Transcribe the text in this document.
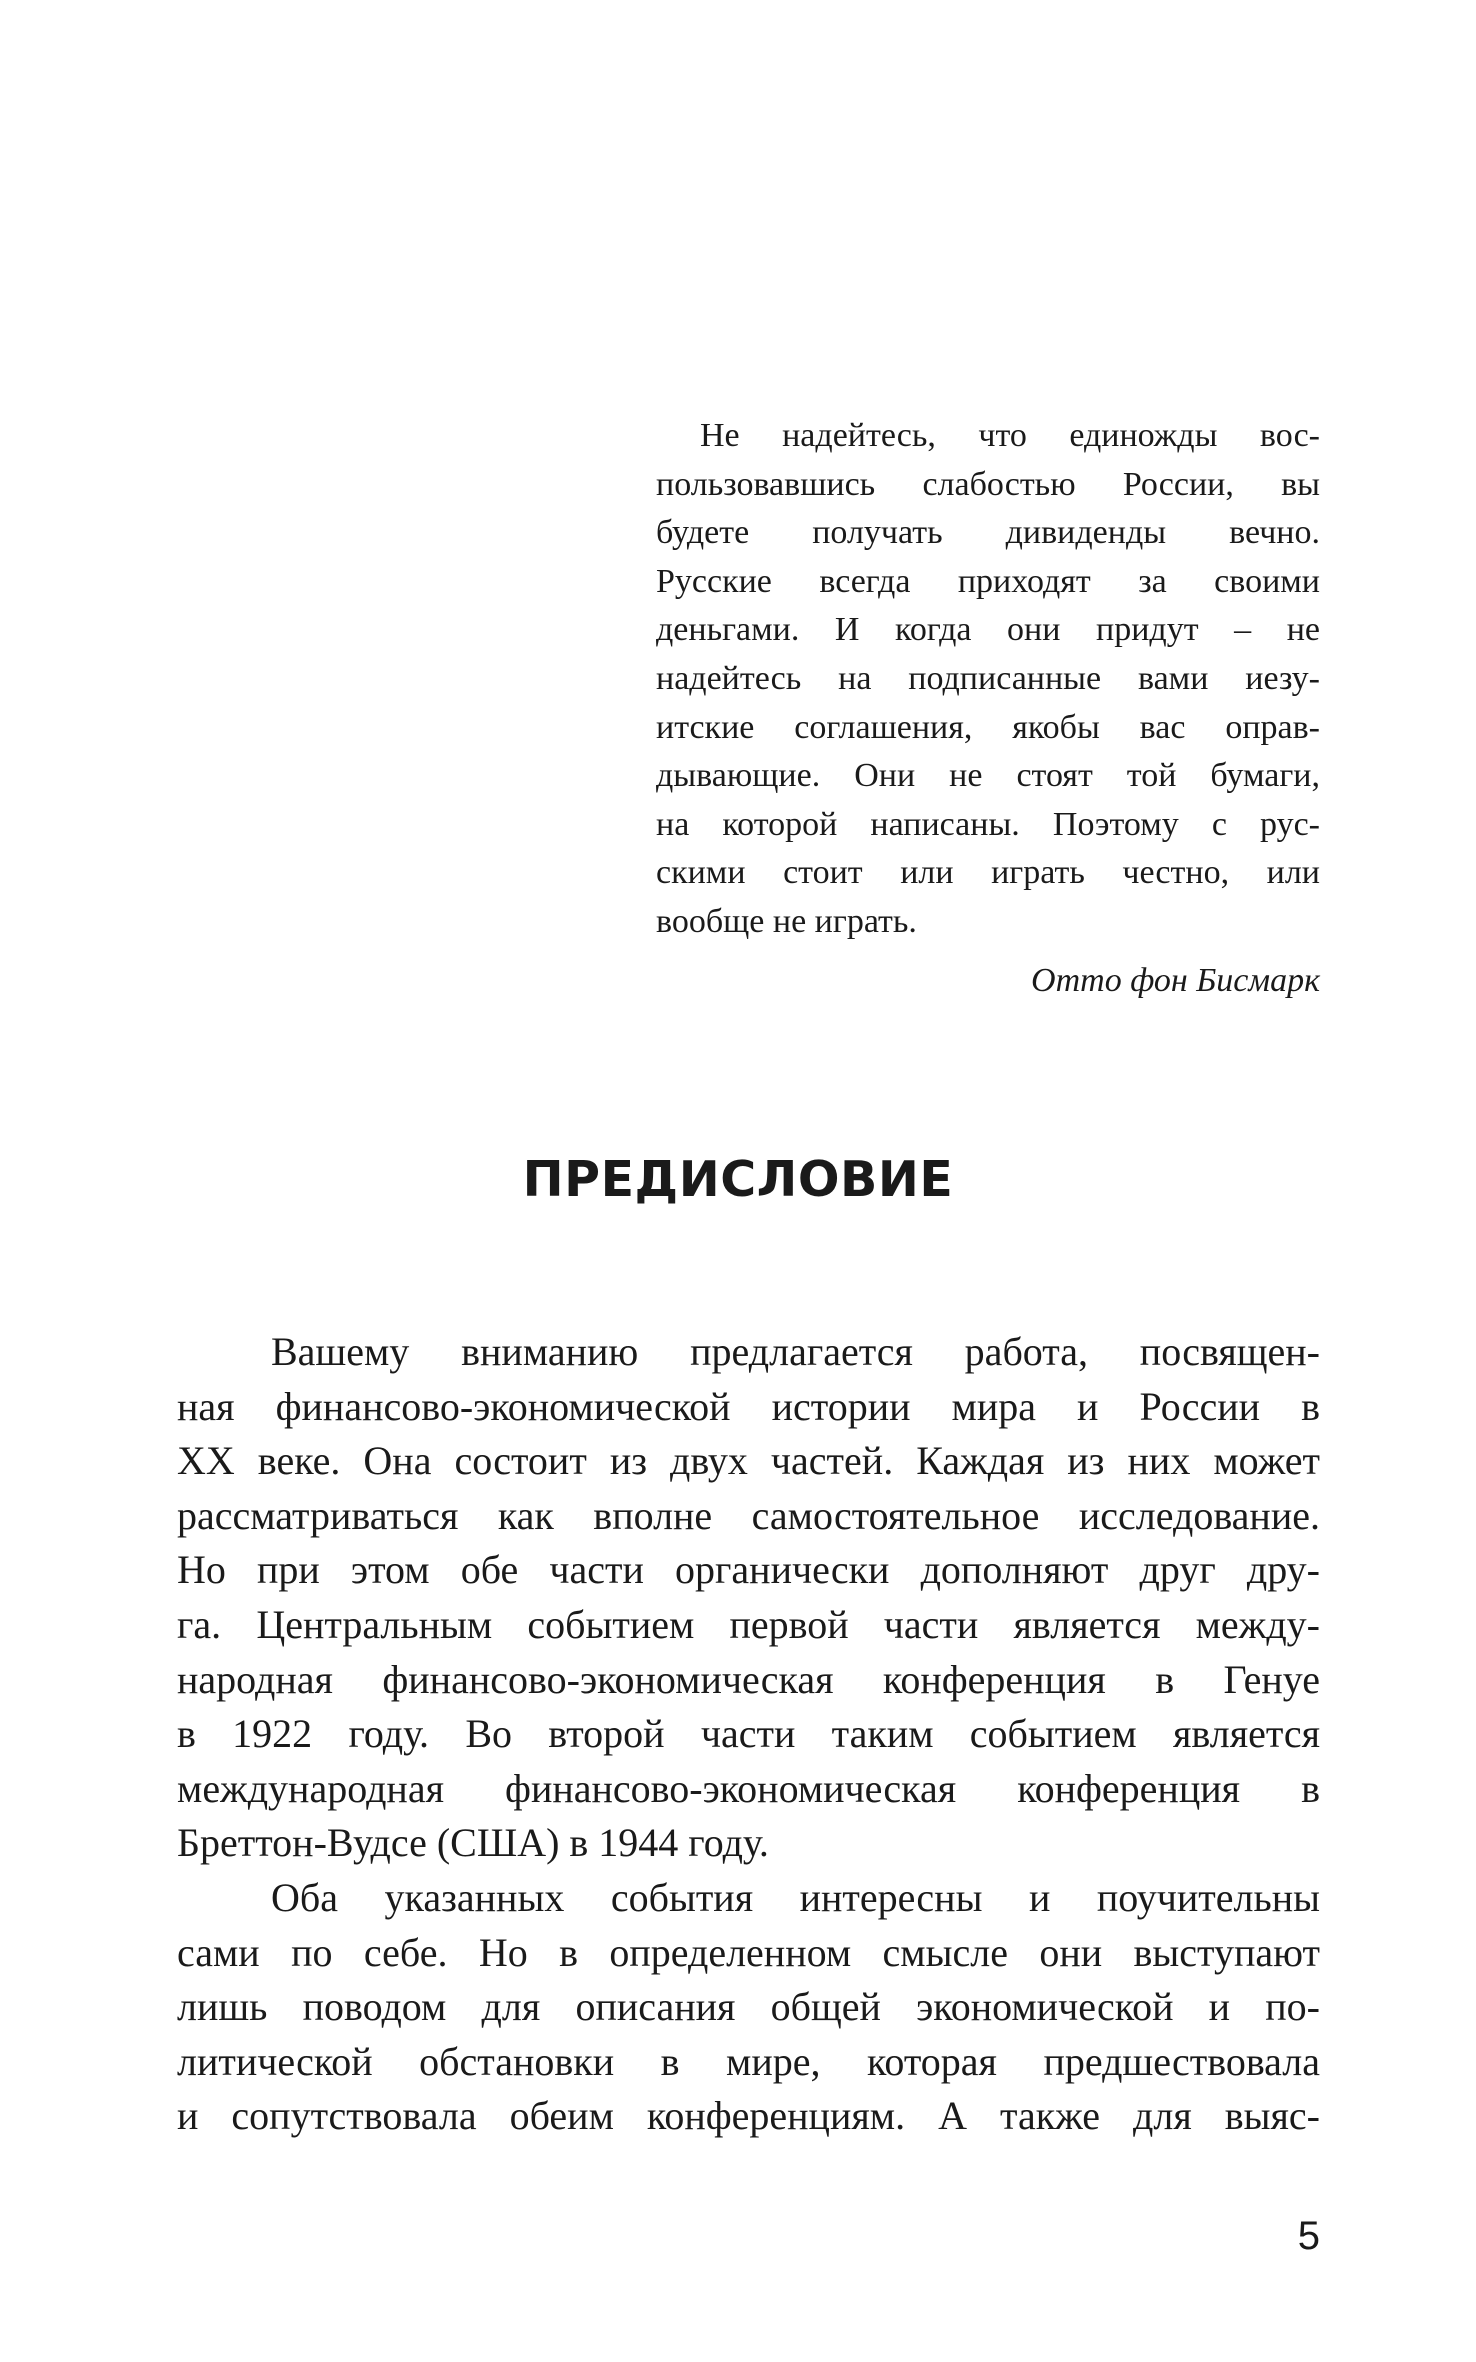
Не надейтесь, что единожды вос-
пользовавшись слабостью России, вы
будете получать дивиденды вечно.
Русские всегда приходят за своими
деньгами. И когда они придут – не
надейтесь на подписанные вами иезу-
итские соглашения, якобы вас оправ-
дывающие. Они не стоят той бумаги,
на которой написаны. Поэтому с рус-
скими стоит или играть честно, или
вообще не играть.
Отто фон Бисмарк
ПРЕДИСЛОВИЕ
Вашему вниманию предлагается работа, посвящен-
ная финансово-экономической истории мира и России в
XX веке. Она состоит из двух частей. Каждая из них может
рассматриваться как вполне самостоятельное исследование.
Но при этом обе части органически дополняют друг дру-
га. Центральным событием первой части является между-
народная финансово-экономическая конференция в Генуе
в 1922 году. Во второй части таким событием является
международная финансово-экономическая конференция в
Бреттон-Вудсе (США) в 1944 году.
Оба указанных события интересны и поучительны
сами по себе. Но в определенном смысле они выступают
лишь поводом для описания общей экономической и по-
литической обстановки в мире, которая предшествовала
и сопутствовала обеим конференциям. А также для выяс-
5
